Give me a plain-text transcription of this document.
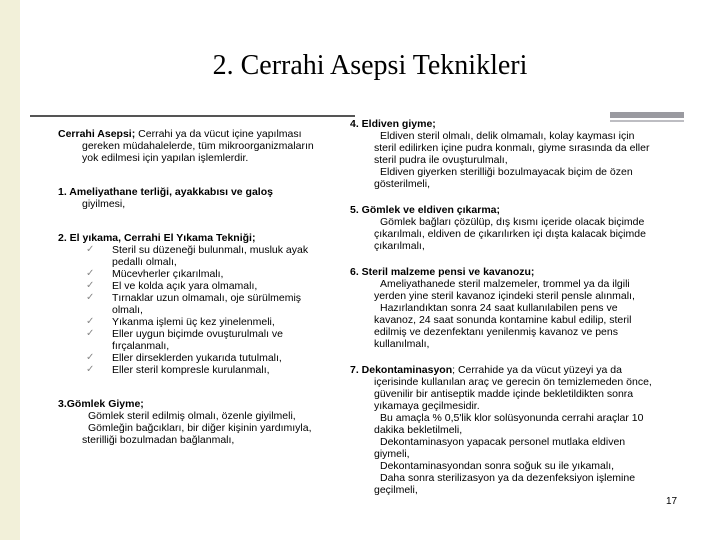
2. Cerrahi Asepsi Teknikleri

Cerrahi Asepsi; Cerrahi ya da vücut içine yapılması

gereken müdahalelerde, tüm mikroorganizmaların

yok edilmesi için yapılan işlemlerdir.

1. Ameliyathane terliği, ayakkabısı ve galoş

giyilmesi,

2. El yıkama, Cerrahi El Yıkama Tekniği;

✓ Steril su düzeneği bulunmalı, musluk ayak
pedallı olmalı,
✓ Mücevherler çıkarılmalı,
✓ El ve kolda açık yara olmamalı,
✓ Tırnaklar uzun olmamalı, oje sürülmemiş
olmalı,
✓ Yıkanma işlemi üç kez yinelenmeli,
✓ Eller uygun biçimde ovuşturulmalı ve
fırçalanmalı,
✓ Eller dirseklerden yukarıda tutulmalı,
✓ Eller steril kompresle kurulanmalı,

3.Gömlek Giyme;

Gömlek steril edilmiş olmalı, özenle giyilmeli,

Gömleğin bağcıkları, bir diğer kişinin yardımıyla,

sterilliği bozulmadan bağlanmalı,

4. Eldiven giyme;

Eldiven steril olmalı, delik olmamalı, kolay kayması için

steril edilirken içine pudra konmalı, giyme sırasında da eller

steril pudra ile ovuşturulmalı,

Eldiven giyerken sterilliği bozulmayacak biçim de özen

gösterilmeli,

5. Gömlek ve eldiven çıkarma;

Gömlek bağları çözülüp, dış kısmı içeride olacak biçimde

çıkarılmalı, eldiven de çıkarılırken içi dışta kalacak biçimde

çıkarılmalı,

6. Steril malzeme pensi ve kavanozu;

Ameliyathanede steril malzemeler, trommel ya da ilgili

yerden yine steril kavanoz içindeki steril pensle alınmalı,

Hazırlandıktan sonra 24 saat kullanılabilen pens ve

kavanoz, 24 saat sonunda kontamine kabul edilip, steril

edilmiş ve dezenfektanı yenilenmiş kavanoz ve pens

kullanılmalı,

7. Dekontaminasyon; Cerrahide ya da vücut yüzeyi ya da

içerisinde kullanılan araç ve gerecin ön temizlemeden önce,

güvenilir bir antiseptik madde içinde bekletildikten sonra

yıkamaya geçilmesidir.

Bu amaçla % 0,5'lik klor solüsyonunda cerrahi araçlar 10

dakika bekletilmeli,

Dekontaminasyon yapacak personel mutlaka eldiven

giymeli,

Dekontaminasyondan sonra soğuk su ile yıkamalı,

Daha sonra sterilizasyon ya da dezenfeksiyon işlemine

geçilmeli,

17
